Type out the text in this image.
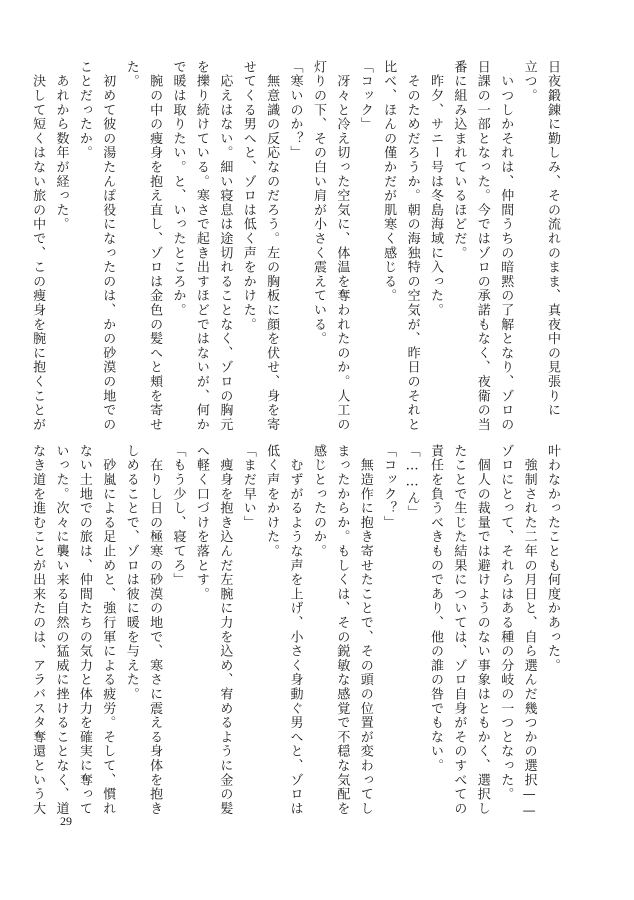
日夜鍛錬に勤しみ、その流れのまま、真夜中の見張りに
立つ。
　いつしかそれは、仲間うちの暗黙の了解となり、ゾロの
日課の一部となった。今ではゾロの承諾もなく、夜衛の当
番に組み込まれているほどだ。
　昨夕、サニー号は冬島海域に入った。
　そのためだろうか。朝の海独特の空気が、昨日のそれと
比べ、ほんの僅かだが肌寒く感じる。
「コック」
　冴々と冷え切った空気に、体温を奪われたのか。人工の
灯りの下、その白い肩が小さく震えている。
「寒いのか？」
　無意識の反応なのだろう。左の胸板に顔を伏せ、身を寄
せてくる男へと、ゾロは低く声をかけた。
　応えはない。細い寝息は途切れることなく、ゾロの胸元
を擽り続けている。寒さで起き出すほどではないが、何か
で暖は取りたい。と、いったところか。
　腕の中の痩身を抱え直し、ゾロは金色の髪へと頬を寄せ
た。
　初めて彼の湯たんぽ役になったのは、かの砂漠の地での
ことだったか。
　あれから数年が経った。
　決して短くはない旅の中で、この痩身を腕に抱くことが
叶わなかったことも何度かあった。
　強制された二年の月日と、自ら選んだ幾つかの選択——
ゾロにとって、それらはある種の分岐の一つとなった。
　個人の裁量では避けようのない事象はともかく、選択し
たことで生じた結果については、ゾロ自身がそのすべての
責任を負うべきものであり、他の誰の咎でもない。
「……ん」
「コック？」
　無造作に抱き寄せたことで、その頭の位置が変わってし
まったからか。もしくは、その鋭敏な感覚で不穏な気配を
感じとったのか。
　むずがるような声を上げ、小さく身動ぐ男へと、ゾロは
低く声をかけた。
「まだ早い」
　痩身を抱き込んだ左腕に力を込め、宥めるように金の髪
へ軽く口づけを落とす。
「もう少し、寝てろ」
　在りし日の極寒の砂漠の地で、寒さに震える身体を抱き
しめることで、ゾロは彼に暖を与えた。
　砂嵐による足止めと、強行軍による疲労。そして、慣れ
ない土地での旅は、仲間たちの気力と体力を確実に奪って
いった。次々に襲い来る自然の猛威に挫けることなく、道
なき道を進むことが出来たのは、アラバスタ奪還という大
29
